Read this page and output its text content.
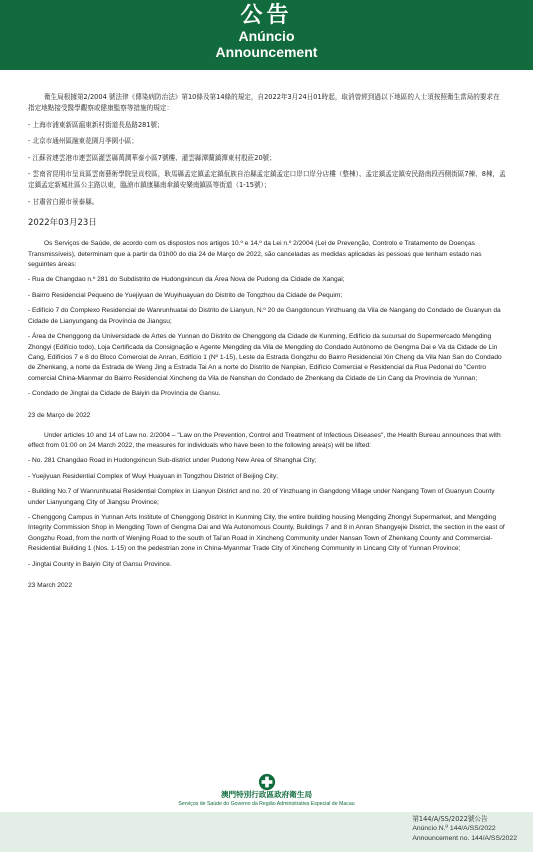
公告
Anúncio
Announcement

衛生局根據第2/2004 號法律《傳染病防治法》第10條及第14條的規定，自2022年3月24日01時起，取消曾經到過以下地區的人士須按照衛生當局的要求在指定地點接受醫學觀察或健康監察等措施的規定：

- 上海市浦東新區滬東新村街道長島路281號；

- 北京市通州區融東花園月季園小區；

- 江蘇省連雲港市連雲區灌雲縣萬潤華泰小區7號樓、灌雲縣潭蘭鎮潭東村殷莊20號；

- 雲南省昆明市呈貢區雲南藝術學院呈貢校區，耿馬縣孟定鎮孟定鎮佤族自治縣孟定鎮孟定口岸口岸分店樓（整棟）、孟定鎮孟定鎮安民路南段西側街區7棟、8棟，孟定鎮孟定新城社區公主路以東，臨滄市鎮康縣南傘鎮安樂南鎮區等街道（1-15號）；

- 甘肅省白銀市景泰縣。

2022年03月23日

Os Serviços de Saúde, de acordo com os dispostos nos artigos 10.º e 14.º da Lei n.º 2/2004 (Lei de Prevenção, Controlo e Tratamento de Doenças Transmissíveis), determinam que a partir da 01h00 do dia 24 de Março de 2022, são canceladas as medidas aplicadas às pessoas que tenham estado nas seguintes áreas:

- Rua de Changdao n.º 281 do Subdistrito de Hudongxincun da Área Nova de Pudong da Cidade de Xangai;

- Bairro Residencial Pequeno de Yuejiyuan de Wuyihuayuan do Distrito de Tongzhou da Cidade de Pequim;

- Edifício 7 do Complexo Residencial de Wanrunhuatai do Distrito de Lianyun, N.º 20 de Gangdoncun Yinzhuang da Vila de Nangang do Condado de Guanyun da Cidade de Lianyungang da Província de Jiangsu;

- Área de Chenggong da Universidade de Artes de Yunnan do Distrito de Chenggong da Cidade de Kunming, Edifício da sucursal do Supermercado Mengding Zhongyi (Edifício todo), Loja Certificada da Consignação e Agente Mengding da Vila de Mengding do Condado Autónomo de Gengma Dai e Va da Cidade de Lin Cang, Edifícios 7 e 8 do Bloco Comercial de Anran, Edifício 1 (Nº 1-15), Leste da Estrada Gongzhu do Bairro Residencial Xin Cheng da Vila Nan San do Condado de Zhenkang, a norte da Estrada de Weng Jing a Estrada Tai An a norte do Distrito de Nanpian, Edifício Comercial e Residencial da Rua Pedonal do "Centro comercial China-Mianmar do Bairro Residencial Xincheng da Vila de Nanshan do Condado de Zhenkang da Cidade de Lin Cang da Província de Yunnan;

- Condado de Jingtai da Cidade de Baiyin da Província de Gansu.

23 de Março de 2022

Under articles 10 and 14 of Law no. 2/2004 – "Law on the Prevention, Control and Treatment of Infectious Diseases", the Health Bureau announces that with effect from 01:00 on 24 March 2022, the measures for individuals who have been to the following area(s) will be lifted:

- No. 281 Changdao Road in Hudongxincun Sub-district under Pudong New Area of Shanghai City;

- Yuejiyuan Residential Complex of Wuyi Huayuan in Tongzhou District of Beijing City;

- Building No.7 of Wanrunhuatai Residential Complex in Lianyun District and no. 20 of Yinzhuang in Gangdong Village under Nangang Town of Guanyun County under Lianyungang City of Jiangsu Province;

- Chenggong Campus in Yunnan Arts Institute of Chenggong District in Kunming City, the entire building housing Mengding Zhongyi Supermarket, and Mengding Integrity Commission Shop in Mengding Town of Gengma Dai and Wa Autonomous County, Buildings 7 and 8 in Anran Shangyejie District, the section in the east of Gongzhu Road, from the north of Wenjing Road to the south of Tai'an Road in Xincheng Community under Nansan Town of Zhenkang County and Commercial-Residential Building 1 (Nos. 1-15) on the pedestrian zone in China-Myanmar Trade City of Xincheng Community in Lincang City of Yunnan Province;

- Jingtai County in Baiyin City of Gansu Province.

23 March 2022

澳門特別行政區政府衛生局
Serviços de Saúde do Governo da Região Administrativa Especial de Macau
第144/A/SS/2022號公告
Anúncio N.º 144/A/SS/2022
Announcement no. 144/A/SS/2022
